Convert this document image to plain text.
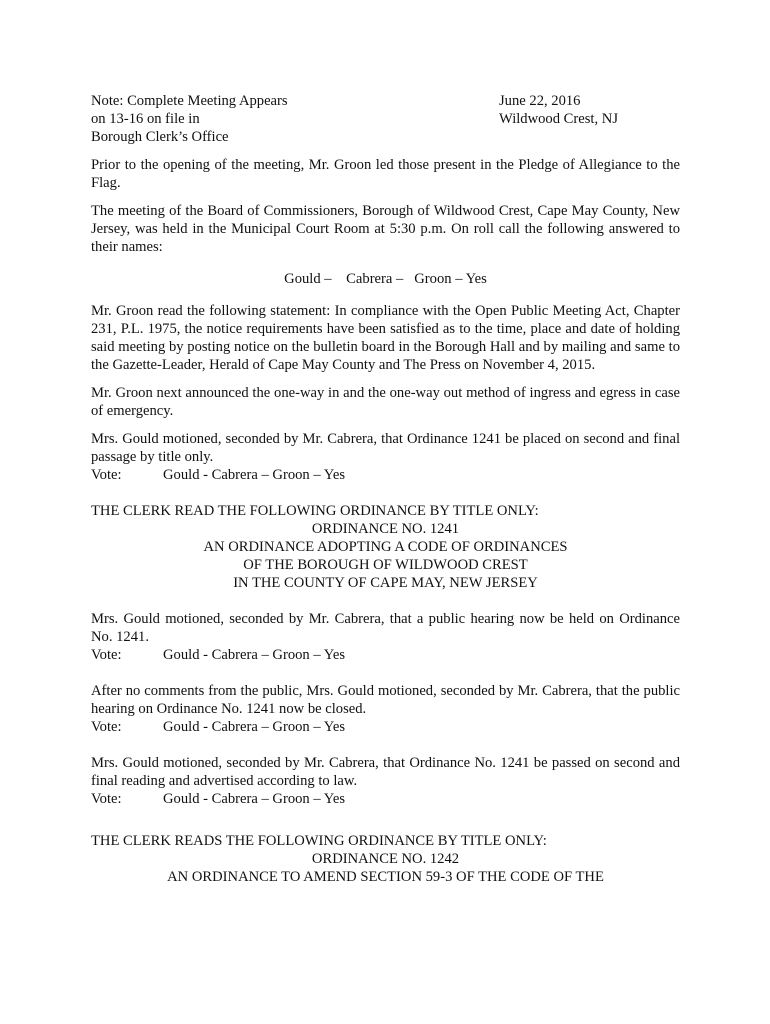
Note: Complete Meeting Appears
on 13-16 on file in
Borough Clerk’s Office
June 22, 2016
Wildwood Crest, NJ

Prior to the opening of the meeting, Mr. Groon led those present in the Pledge of Allegiance to the Flag.

The meeting of the Board of Commissioners, Borough of Wildwood Crest, Cape May County, New Jersey, was held in the Municipal Court Room at 5:30 p.m. On roll call the following answered to their names:

Gould –    Cabrera –   Groon – Yes

Mr. Groon read the following statement: In compliance with the Open Public Meeting Act, Chapter 231, P.L. 1975, the notice requirements have been satisfied as to the time, place and date of holding said meeting by posting notice on the bulletin board in the Borough Hall and by mailing and same to the Gazette-Leader, Herald of Cape May County and The Press on November 4, 2015.

Mr. Groon next announced the one-way in and the one-way out method of ingress and egress in case of emergency.

Mrs. Gould motioned, seconded by Mr. Cabrera, that Ordinance 1241 be placed on second and final passage by title only.

Vote:	Gould - Cabrera – Groon – Yes
THE CLERK READ THE FOLLOWING ORDINANCE BY TITLE ONLY:
ORDINANCE NO. 1241
AN ORDINANCE ADOPTING A CODE OF ORDINANCES
OF THE BOROUGH OF WILDWOOD CREST
IN THE COUNTY OF CAPE MAY, NEW JERSEY

Mrs. Gould motioned, seconded by Mr. Cabrera, that a public hearing now be held on Ordinance No. 1241.

Vote:	Gould - Cabrera – Groon – Yes

After no comments from the public, Mrs. Gould motioned, seconded by Mr. Cabrera, that the public hearing on Ordinance No. 1241 now be closed.

Vote:	Gould - Cabrera – Groon – Yes

Mrs. Gould motioned, seconded by Mr. Cabrera, that Ordinance No. 1241 be passed on second and final reading and advertised according to law.

Vote:	Gould - Cabrera – Groon – Yes
THE CLERK READS THE FOLLOWING ORDINANCE BY TITLE ONLY:
ORDINANCE NO. 1242
AN ORDINANCE TO AMEND SECTION 59-3 OF THE CODE OF THE
